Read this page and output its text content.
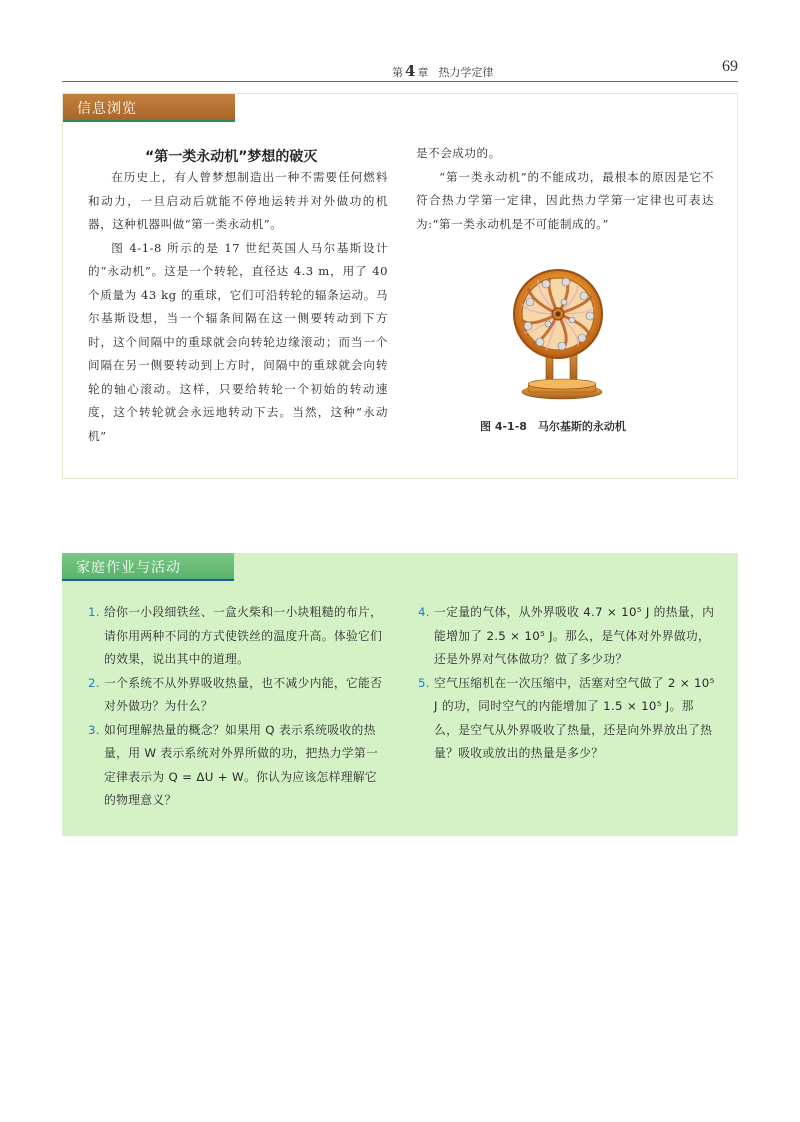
第 4 章 热力学定律	69
信息浏览
“第一类永动机”梦想的破灭

在历史上，有人曾梦想制造出一种不需要任何燃料和动力，一旦启动后就能不停地运转并对外做功的机器，这种机器叫做“第一类永动机”。

图 4-1-8 所示的是 17 世纪英国人马尔基斯设计的“永动机”。这是一个转轮，直径达 4.3 m，用了 40 个质量为 43 kg 的重球，它们可沿转轮的辐条运动。马尔基斯设想，当一个辐条间隔在这一侧要转动到下方时，这个间隔中的重球就会向转轮边缘滚动；而当一个间隔在另一侧要转动到上方时，间隔中的重球就会向转轮的轴心滚动。这样，只要给转轮一个初始的转动速度，这个转轮就会永远地转动下去。当然，这种“永动机”

是不会成功的。

“第一类永动机”的不能成功，最根本的原因是它不符合热力学第一定律，因此热力学第一定律也可表达为:“第一类永动机是不可能制成的。”

图 4-1-8　马尔基斯的永动机
家庭作业与活动
1. 给你一小段细铁丝、一盒火柴和一小块粗糙的布片，请你用两种不同的方式使铁丝的温度升高。体验它们的效果，说出其中的道理。
2. 一个系统不从外界吸收热量，也不减少内能，它能否对外做功？为什么？
3. 如何理解热量的概念？如果用 Q 表示系统吸收的热量，用 W 表示系统对外界所做的功，把热力学第一定律表示为 Q = ΔU + W。你认为应该怎样理解它的物理意义？
4. 一定量的气体，从外界吸收 4.7 × 10⁵ J 的热量，内能增加了 2.5 × 10⁵ J。那么，是气体对外界做功，还是外界对气体做功？做了多少功？
5. 空气压缩机在一次压缩中，活塞对空气做了 2 × 10⁵ J 的功，同时空气的内能增加了 1.5 × 10⁵ J。那么，是空气从外界吸收了热量，还是向外界放出了热量？吸收或放出的热量是多少？
